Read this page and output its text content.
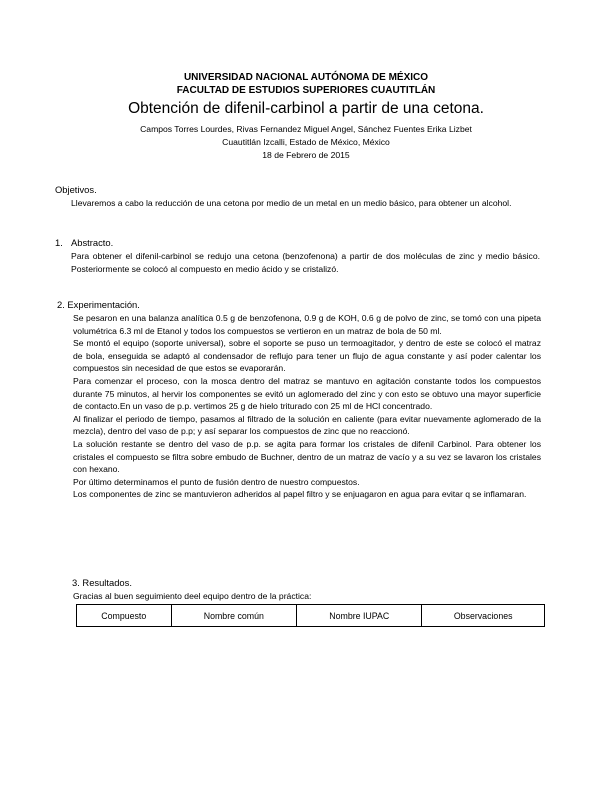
UNIVERSIDAD NACIONAL AUTÓNOMA DE MÉXICO
FACULTAD DE ESTUDIOS SUPERIORES CUAUTITLÁN
Obtención de difenil-carbinol a partir de una cetona.
Campos Torres Lourdes, Rivas Fernandez Miguel Angel, Sánchez Fuentes Erika Lizbet
Cuautitlán Izcalli, Estado de México, México
18 de Febrero de 2015
Objetivos.
Llevaremos a cabo la reducción de una cetona por medio de un metal en un medio básico, para obtener un alcohol.
1. Abstracto.
Para obtener el difenil-carbinol se redujo una cetona (benzofenona) a partir de dos moléculas de zinc y medio básico. Posteriormente se colocó al compuesto en medio ácido y se cristalizó.
2. Experimentación.

Se pesaron en una balanza analítica 0.5 g de benzofenona, 0.9 g de KOH, 0.6 g de polvo de zinc, se tomó con una pipeta volumétrica 6.3 ml de Etanol y todos los compuestos se vertieron en un matraz de bola de 50 ml.

Se montó el equipo (soporte universal), sobre el soporte se puso un termoagitador, y dentro de este se colocó el matraz de bola, enseguida se adaptó al condensador de reflujo para tener un flujo de agua constante y así poder calentar los compuestos sin necesidad de que estos se evaporarán.

Para comenzar el proceso, con la mosca dentro del matraz se mantuvo en agitación constante todos los compuestos durante 75 minutos, al hervir los componentes se evitó un aglomerado del zinc y con esto se obtuvo una mayor superficie de contacto.En un vaso de p.p. vertimos 25 g de hielo triturado con 25 ml de HCl concentrado.

Al finalizar el periodo de tiempo, pasamos al filtrado de la solución en caliente (para evitar nuevamente aglomerado de la mezcla), dentro del vaso de p.p; y así separar los compuestos de zinc que no reaccionó.

La solución restante se dentro del vaso de p.p. se agita para formar los cristales de difenil Carbinol. Para obtener los cristales el compuesto se filtra sobre embudo de Buchner, dentro de un matraz de vacío y a su vez se lavaron los cristales con hexano.

Por último determinamos el punto de fusión dentro de nuestro compuestos.

Los componentes de zinc se mantuvieron adheridos al papel filtro y se enjuagaron en agua para evitar q se inflamaran.

3. Resultados.
Gracias al buen seguimiento deel equipo dentro de la práctica:
Compuesto	Nombre común	Nombre IUPAC	Observaciones
